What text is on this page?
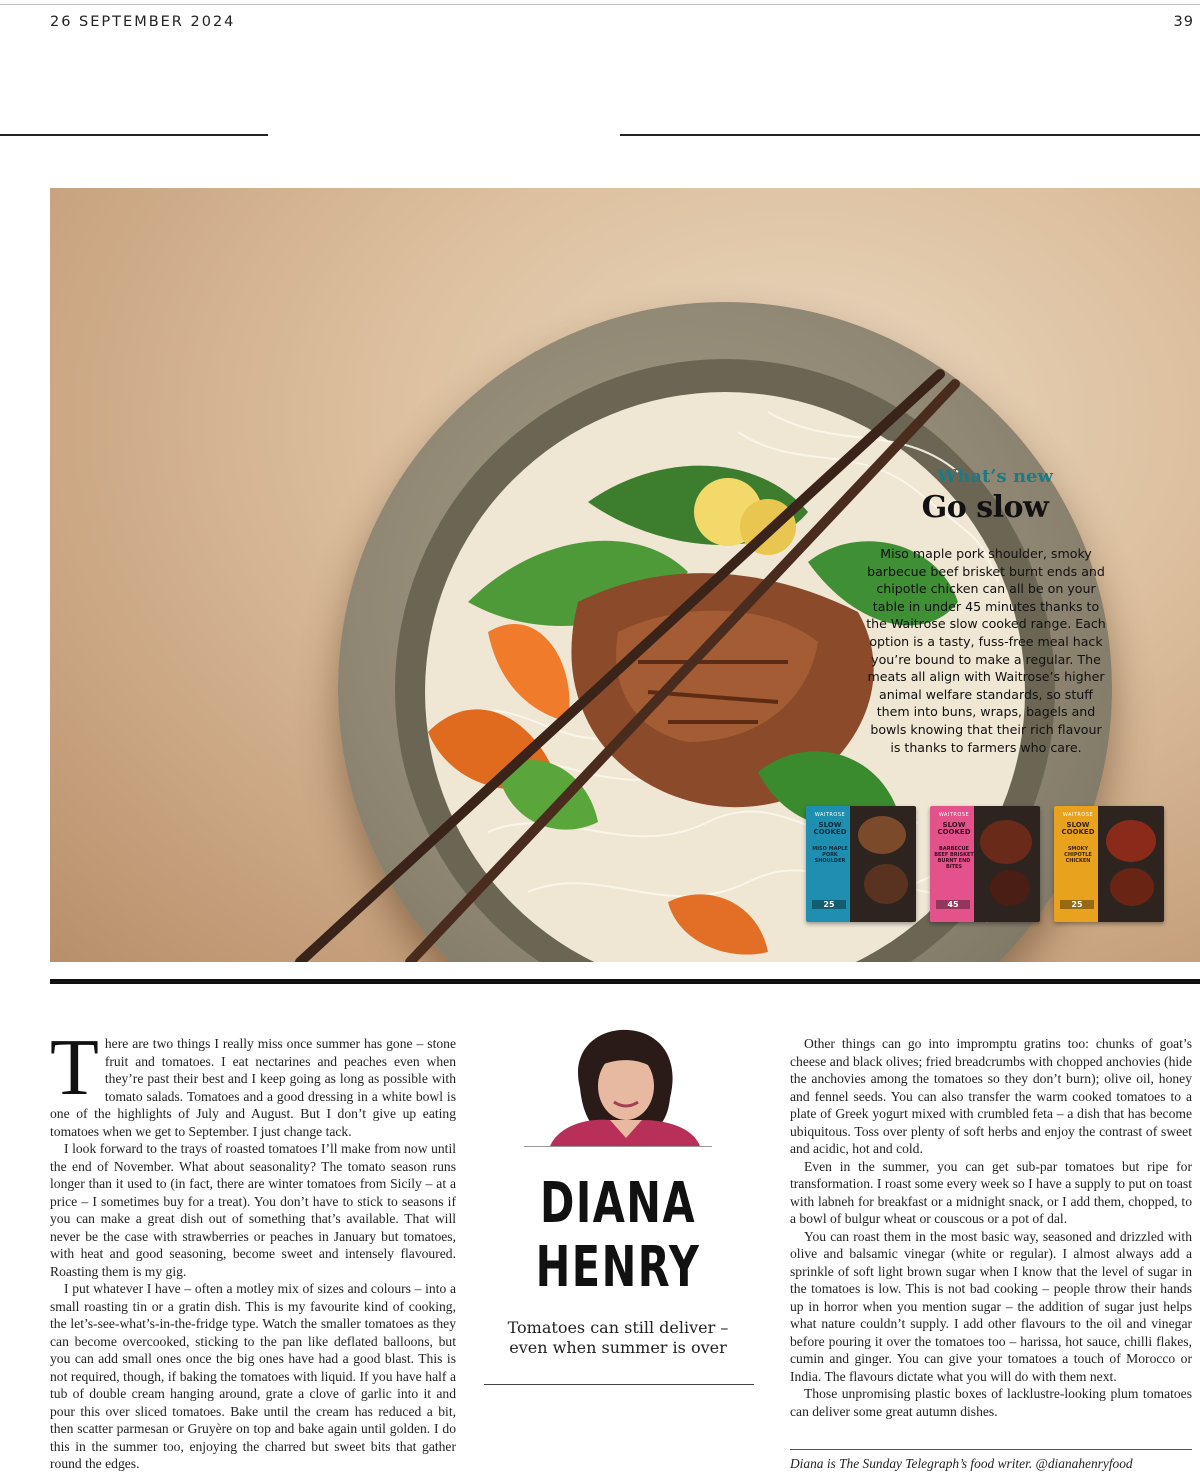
26 SEPTEMBER 2024	39
What’s new
Go slow
Miso maple pork shoulder, smoky barbecue beef brisket burnt ends and chipotle chicken can all be on your table in under 45 minutes thanks to the Waitrose slow cooked range. Each option is a tasty, fuss-free meal hack you’re bound to make a regular. The meats all align with Waitrose’s higher animal welfare standards, so stuff them into buns, wraps, bagels and bowls knowing that their rich flavour is thanks to farmers who care.
WAITROSE
SLOW COOKED
MISO MAPLE PORK SHOULDER
25
WAITROSE
SLOW COOKED
BARBECUE BEEF BRISKET BURNT END BITES
45
WAITROSE
SLOW COOKED
SMOKY CHIPOTLE CHICKEN
25

There are two things I really miss once summer has gone – stone fruit and tomatoes. I eat nectarines and peaches even when they’re past their best and I keep going as long as possible with tomato salads. Tomatoes and a good dressing in a white bowl is one of the highlights of July and August. But I don’t give up eating tomatoes when we get to September. I just change tack.

I look forward to the trays of roasted tomatoes I’ll make from now until the end of November. What about seasonality? The tomato season runs longer than it used to (in fact, there are winter tomatoes from Sicily – at a price – I sometimes buy for a treat). You don’t have to stick to seasons if you can make a great dish out of something that’s available. That will never be the case with strawberries or peaches in January but tomatoes, with heat and good seasoning, become sweet and intensely flavoured. Roasting them is my gig.

I put whatever I have – often a motley mix of sizes and colours – into a small roasting tin or a gratin dish. This is my favourite kind of cooking, the let’s-see-what’s-in-the-fridge type. Watch the smaller tomatoes as they can become overcooked, sticking to the pan like deflated balloons, but you can add small ones once the big ones have had a good blast. This is not required, though, if baking the tomatoes with liquid. If you have half a tub of double cream hanging around, grate a clove of garlic into it and pour this over sliced tomatoes. Bake until the cream has reduced a bit, then scatter parmesan or Gruyère on top and bake again until golden. I do this in the summer too, enjoying the charred but sweet bits that gather round the edges.

DIANA
HENRY
Tomatoes can still deliver – even when summer is over

Other things can go into impromptu gratins too: chunks of goat’s cheese and black olives; fried breadcrumbs with chopped anchovies (hide the anchovies among the tomatoes so they don’t burn); olive oil, honey and fennel seeds. You can also transfer the warm cooked tomatoes to a plate of Greek yogurt mixed with crumbled feta – a dish that has become ubiquitous. Toss over plenty of soft herbs and enjoy the contrast of sweet and acidic, hot and cold.

Even in the summer, you can get sub-par tomatoes but ripe for transformation. I roast some every week so I have a supply to put on toast with labneh for breakfast or a midnight snack, or I add them, chopped, to a bowl of bulgur wheat or couscous or a pot of dal.

You can roast them in the most basic way, seasoned and drizzled with olive and balsamic vinegar (white or regular). I almost always add a sprinkle of soft light brown sugar when I know that the level of sugar in the tomatoes is low. This is not bad cooking – people throw their hands up in horror when you mention sugar – the addition of sugar just helps what nature couldn’t supply. I add other flavours to the oil and vinegar before pouring it over the tomatoes too – harissa, hot sauce, chilli flakes, cumin and ginger. You can give your tomatoes a touch of Morocco or India. The flavours dictate what you will do with them next.

Those unpromising plastic boxes of lacklustre-looking plum tomatoes can deliver some great autumn dishes.

Diana is The Sunday Telegraph’s food writer. @dianahenryfood
